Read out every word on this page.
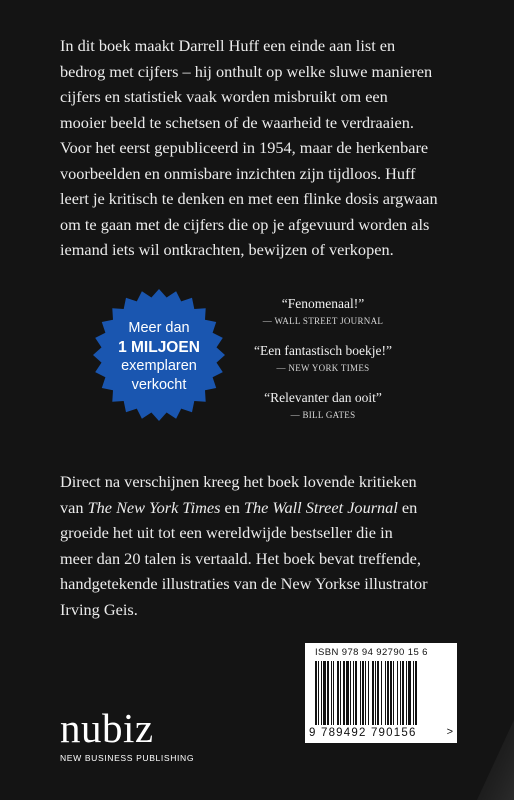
In dit boek maakt Darrell Huff een einde aan list en

bedrog met cijfers – hij onthult op welke sluwe manieren

cijfers en statistiek vaak worden misbruikt om een

mooier beeld te schetsen of de waarheid te verdraaien.

Voor het eerst gepubliceerd in 1954, maar de herkenbare

voorbeelden en onmisbare inzichten zijn tijdloos. Huff

leert je kritisch te denken en met een flinke dosis argwaan

om te gaan met de cijfers die op je afgevuurd worden als

iemand iets wil ontkrachten, bewijzen of verkopen.

Meer dan
1 MILJOEN
exemplaren
verkocht
“Fenomenaal!”
— WALL STREET JOURNAL
“Een fantastisch boekje!”
— NEW YORK TIMES
“Relevanter dan ooit”
— BILL GATES
Direct na verschijnen kreeg het boek lovende kritieken
van The New York Times en The Wall Street Journal en
groeide het uit tot een wereldwijde bestseller die in
meer dan 20 talen is vertaald. Het boek bevat treffende,
handgetekende illustraties van de New Yorkse illustrator
Irving Geis.
nubiz
NEW BUSINESS PUBLISHING
ISBN 978 94 92790 15 6
9 789492 790156	>
